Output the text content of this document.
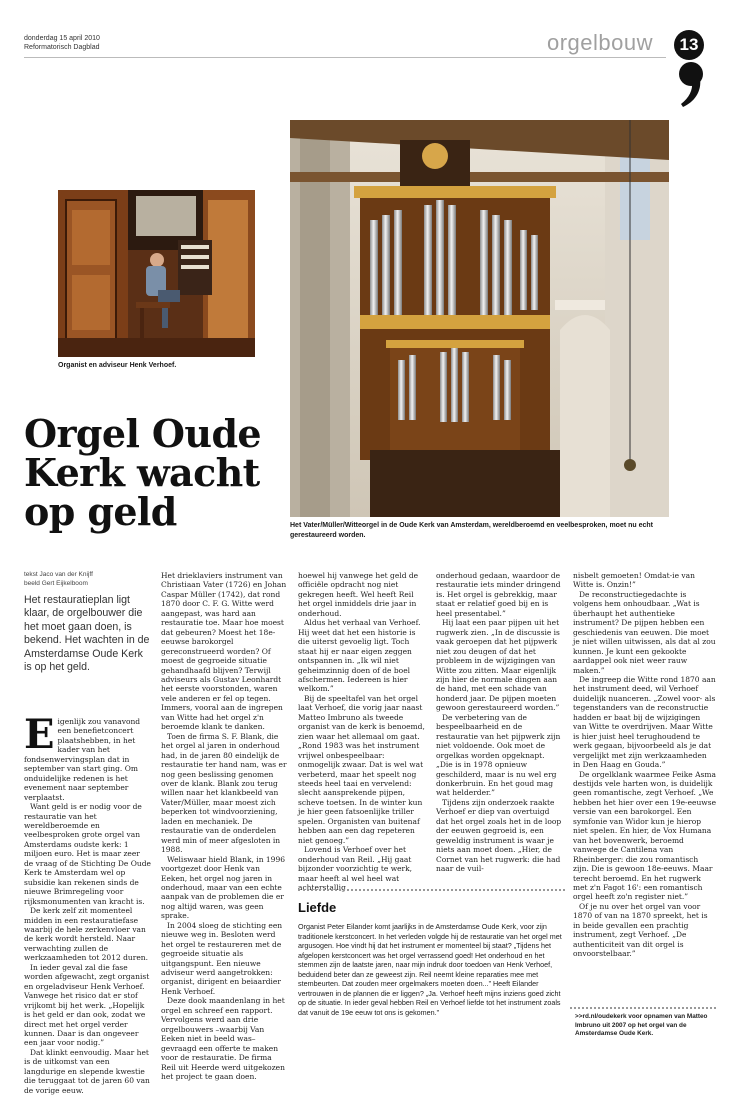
donderdag 15 april 2010
Reformatorisch Dagblad	orgelbouw	13
Organist en adviseur Henk Verhoef.
Het Vater/Müller/Witteorgel in de Oude Kerk van Amsterdam, wereldberoemd en veelbesproken, moet nu echt gerestaureerd worden.
Orgel Oude Kerk wacht op geld
tekst Jaco van der Knijff
beeld Gert Eijkelboom
Het restauratieplan ligt klaar, de orgelbouwer die het moet gaan doen, is bekend. Het wachten in de Amsterdamse Oude Kerk is op het geld.
E igenlijk zou vanavond een benefietconcert plaatshebben, in het kader van het fondsenwervingsplan dat in september van start ging. Om onduidelijke redenen is het evenement naar september verplaatst.

Want geld is er nodig voor de restauratie van het wereldberoemde en veelbesproken grote orgel van Amsterdams oudste kerk: 1 miljoen euro. Het is maar zeer de vraag of de Stichting De Oude Kerk te Amsterdam wel op subsidie kan rekenen sinds de nieuwe Brimregeling voor rijksmonumenten van kracht is.

De kerk zelf zit momenteel midden in een restauratiefase waarbij de hele zerkenvloer van de kerk wordt hersteld. Naar verwachting zullen de werkzaamheden tot 2012 duren.

In ieder geval zal die fase worden afgewacht, zegt organist en orgeladviseur Henk Verhoef. Vanwege het risico dat er stof vrijkomt bij het werk. „Hopelijk is het geld er dan ook, zodat we direct met het orgel verder kunnen. Daar is dan ongeveer een jaar voor nodig.”

Dat klinkt eenvoudig. Maar het is de uitkomst van een langdurige en slepende kwestie die teruggaat tot de jaren 60 van de vorige eeuw.

Het drieklaviers instrument van Christiaan Vater (1726) en Johan Caspar Müller (1742), dat rond 1870 door C. F. G. Witte werd aangepast, was hard aan restauratie toe. Maar hoe moest dat gebeuren? Moest het 18e-eeuwse barokorgel gereconstrueerd worden? Of moest de gegroeide situatie gehandhaafd blijven? Terwijl adviseurs als Gustav Leonhardt het eerste voorstonden, waren vele anderen er fel op tegen. Immers, vooral aan de ingrepen van Witte had het orgel z'n beroemde klank te danken.

Toen de firma S. F. Blank, die het orgel al jaren in onderhoud had, in de jaren 80 eindelijk de restauratie ter hand nam, was er nog geen beslissing genomen over de klank. Blank zou terug willen naar het klankbeeld van Vater/Müller, maar moest zich beperken tot windvoorziening, laden en mechaniek. De restauratie van de onderdelen werd min of meer afgesloten in 1988.

Weliswaar hield Blank, in 1996 voortgezet door Henk van Eeken, het orgel nog jaren in onderhoud, maar van een echte aanpak van de problemen die er nog altijd waren, was geen sprake.

In 2004 sloeg de stichting een nieuwe weg in. Besloten werd het orgel te restaureren met de gegroeide situatie als uitgangspunt. Een nieuwe adviseur werd aangetrokken: organist, dirigent en beiaardier Henk Verhoef.

Deze dook maandenlang in het orgel en schreef een rapport. Vervolgens werd aan drie orgelbouwers –waarbij Van Eeken niet in beeld was– gevraagd een offerte te maken voor de restauratie. De firma Reil uit Heerde werd uitgekozen het project te gaan doen.

hoewel hij vanwege het geld de officiële opdracht nog niet gekregen heeft. Wel heeft Reil het orgel inmiddels drie jaar in onderhoud.

Aldus het verhaal van Verhoef. Hij weet dat het een historie is die uiterst gevoelig ligt. Toch staat hij er naar eigen zeggen ontspannen in. „Ik wil niet geheimzinnig doen of de boel afschermen. Iedereen is hier welkom.”

Bij de speeltafel van het orgel laat Verhoef, die vorig jaar naast Matteo Imbruno als tweede organist van de kerk is benoemd, zien waar het allemaal om gaat. „Rond 1983 was het instrument vrijwel onbespeelbaar: onmogelijk zwaar. Dat is wel wat verbeterd, maar het speelt nog steeds heel taai en vervelend: slecht aansprekende pijpen, scheve toetsen. In de winter kun je hier geen fatsoenlijke triller spelen. Organisten van buitenaf hebben aan een dag repeteren niet genoeg.”

Lovend is Verhoef over het onderhoud van Reil. „Hij gaat bijzonder voorzichtig te werk, maar heeft al wel heel wat achterstallig

onderhoud gedaan, waardoor de restauratie iets minder dringend is. Het orgel is gebrekkig, maar staat er relatief goed bij en is heel presentabel.”

Hij laat een paar pijpen uit het rugwerk zien. „In de discussie is vaak geroepen dat het pijpwerk niet zou deugen of dat het probleem in de wijzigingen van Witte zou zitten. Maar eigenlijk zijn hier de normale dingen aan de hand, met een schade van honderd jaar. De pijpen moeten gewoon gerestaureerd worden.”

De verbetering van de bespeelbaarheid en de restauratie van het pijpwerk zijn niet voldoende. Ook moet de orgelkas worden opgeknapt. „Die is in 1978 opnieuw geschilderd, maar is nu wel erg donkerbruin. En het goud mag wat helderder.”

Tijdens zijn onderzoek raakte Verhoef er diep van overtuigd dat het orgel zoals het in de loop der eeuwen gegroeid is, een geweldig instrument is waar je niets aan moet doen. „Hier, de Cornet van het rugwerk: die had naar de vuil-

nisbelt gemoeten! Omdat-ie van Witte is. Onzin!”

De reconstructiegedachte is volgens hem onhoudbaar. „Wat is überhaupt het authentieke instrument? De pijpen hebben een geschiedenis van eeuwen. Die moet je niet willen uitwissen, als dat al zou kunnen. Je kunt een gekookte aardappel ook niet weer rauw maken.”

De ingreep die Witte rond 1870 aan het instrument deed, wil Verhoef duidelijk nuanceren. „Zowel voor- als tegenstanders van de reconstructie hadden er baat bij de wijzigingen van Witte te overdrijven. Maar Witte is hier juist heel terughoudend te werk gegaan, bijvoorbeeld als je dat vergelijkt met zijn werkzaamheden in Den Haag en Gouda.”

De orgelklank waarmee Feike Asma destijds vele harten won, is duidelijk geen romantische, zegt Verhoef. „We hebben het hier over een 19e-eeuwse versie van een barokorgel. Een symfonie van Widor kun je hierop niet spelen. En hier, de Vox Humana van het bovenwerk, beroemd vanwege de Cantilena van Rheinberger: die zou romantisch zijn. Die is gewoon 18e-eeuws. Maar terecht beroemd. En het rugwerk met z'n Fagot 16': een romantisch orgel heeft zo'n register niet.”

Of je nu over het orgel van voor 1870 of van na 1870 spreekt, het is in beide gevallen een prachtig instrument, zegt Verhoef. „De authenticiteit van dit orgel is onvoorstelbaar.”

Liefde
Organist Peter Eilander komt jaarlijks in de Amsterdamse Oude Kerk, voor zijn traditionele kerstconcert. In het verleden volgde hij de restauratie van het orgel met argusogen. Hoe vindt hij dat het instrument er momenteel bij staat? „Tijdens het afgelopen kerstconcert was het orgel verrassend goed! Het onderhoud en het stemmen zijn de laatste jaren, naar mijn indruk door toedoen van Henk Verhoef, beduidend beter dan ze geweest zijn. Reil neemt kleine reparaties mee met stembeurten. Dat zouden meer orgelmakers moeten doen...” Heeft Eilander vertrouwen in de plannen die er liggen? „Ja. Verhoef heeft mijns inziens goed zicht op de situatie. In ieder geval hebben Reil en Verhoef liefde tot het instrument zoals dat vanuit de 19e eeuw tot ons is gekomen.”	>>rd.nl/oudekerk voor opnamen van Matteo Imbruno uit 2007 op het orgel van de Amsterdamse Oude Kerk.
